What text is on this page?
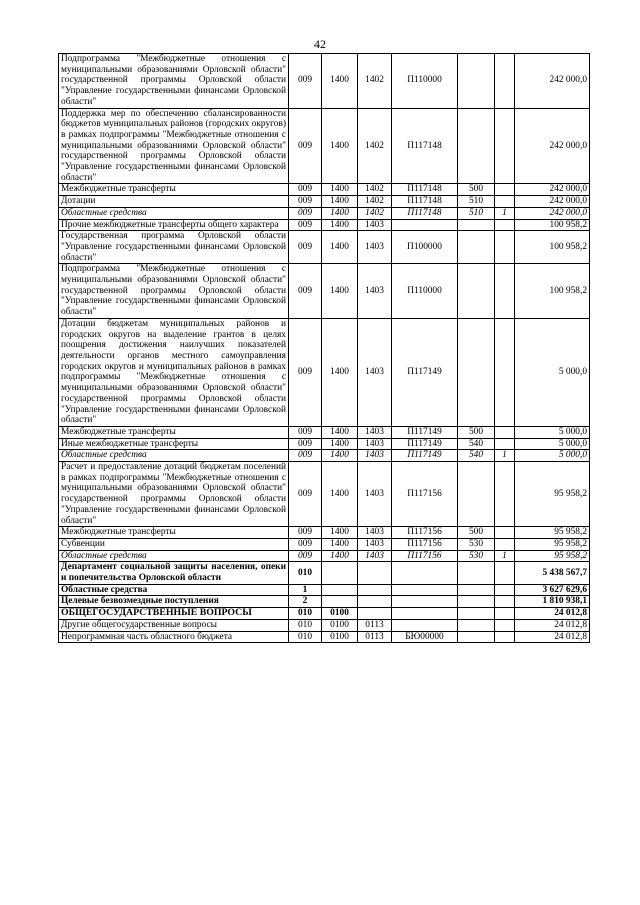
42
Подпрограмма "Межбюджетные отношения с муниципальными образованиями Орловской области" государственной программы Орловской области "Управление государственными финансами Орловской области"	009	1400	1402	П110000			242 000,0
Поддержка мер по обеспечению сбалансированности бюджетов муниципальных районов (городских округов) в рамках подпрограммы "Межбюджетные отношения с муниципальными образованиями Орловской области" государственной программы Орловской области "Управление государственными финансами Орловской области"	009	1400	1402	П117148			242 000,0
Межбюджетные трансферты	009	1400	1402	П117148	500		242 000,0
Дотации	009	1400	1402	П117148	510		242 000,0
Областные средства	009	1400	1402	П117148	510	1	242 000,0
Прочие межбюджетные трансферты общего характера	009	1400	1403				100 958,2
Государственная программа Орловской области "Управление государственными финансами Орловской области"	009	1400	1403	П100000			100 958,2
Подпрограмма "Межбюджетные отношения с муниципальными образованиями Орловской области" государственной программы Орловской области "Управление государственными финансами Орловской области"	009	1400	1403	П110000			100 958,2
Дотации бюджетам муниципальных районов и городских округов на выделение грантов в целях поощрения достижения наилучших показателей деятельности органов местного самоуправления городских округов и муниципальных районов в рамках подпрограммы "Межбюджетные отношения с муниципальными образованиями Орловской области" государственной программы Орловской области "Управление государственными финансами Орловской области"	009	1400	1403	П117149			5 000,0
Межбюджетные трансферты	009	1400	1403	П117149	500		5 000,0
Иные межбюджетные трансферты	009	1400	1403	П117149	540		5 000,0
Областные средства	009	1400	1403	П117149	540	1	5 000,0
Расчет и предоставление дотаций бюджетам поселений в рамках подпрограммы "Межбюджетные отношения с муниципальными образованиями Орловской области" государственной программы Орловской области "Управление государственными финансами Орловской области"	009	1400	1403	П117156			95 958,2
Межбюджетные трансферты	009	1400	1403	П117156	500		95 958,2
Субвенции	009	1400	1403	П117156	530		95 958,2
Областные средства	009	1400	1403	П117156	530	1	95 958,2
Департамент социальной защиты населения, опеки и попечительства Орловской области	010						5 438 567,7
Областные средства	1						3 627 629,6
Целевые безвозмездные поступления	2						1 810 938,1
ОБЩЕГОСУДАРСТВЕННЫЕ ВОПРОСЫ	010	0100					24 012,8
Другие общегосударственные вопросы	010	0100	0113				24 012,8
Непрограммная часть областного бюджета	010	0100	0113	БЮ00000			24 012,8
